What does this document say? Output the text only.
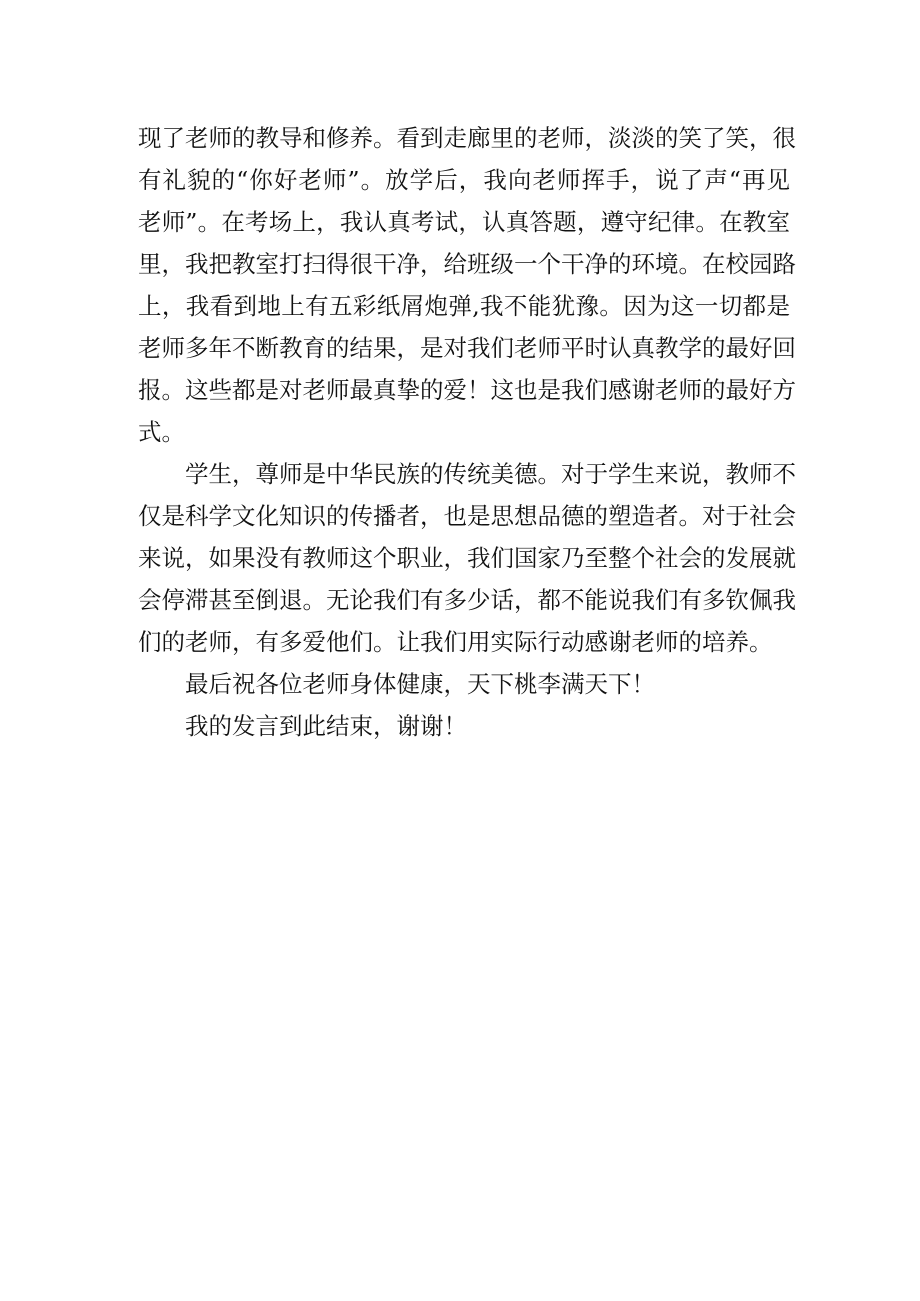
现了老师的教导和修养。看到走廊里的老师，淡淡的笑了笑，很
有礼貌的“你好老师”。放学后，我向老师挥手，说了声“再见
老师”。在考场上，我认真考试，认真答题，遵守纪律。在教室
里，我把教室打扫得很干净，给班级一个干净的环境。在校园路
上，我看到地上有五彩纸屑炮弹,我不能犹豫。因为这一切都是
老师多年不断教育的结果，是对我们老师平时认真教学的最好回
报。这些都是对老师最真挚的爱！这也是我们感谢老师的最好方
式。
学生，尊师是中华民族的传统美德。对于学生来说，教师不
仅是科学文化知识的传播者，也是思想品德的塑造者。对于社会
来说，如果没有教师这个职业，我们国家乃至整个社会的发展就
会停滞甚至倒退。无论我们有多少话，都不能说我们有多钦佩我
们的老师，有多爱他们。让我们用实际行动感谢老师的培养。
最后祝各位老师身体健康，天下桃李满天下！
我的发言到此结束，谢谢！
